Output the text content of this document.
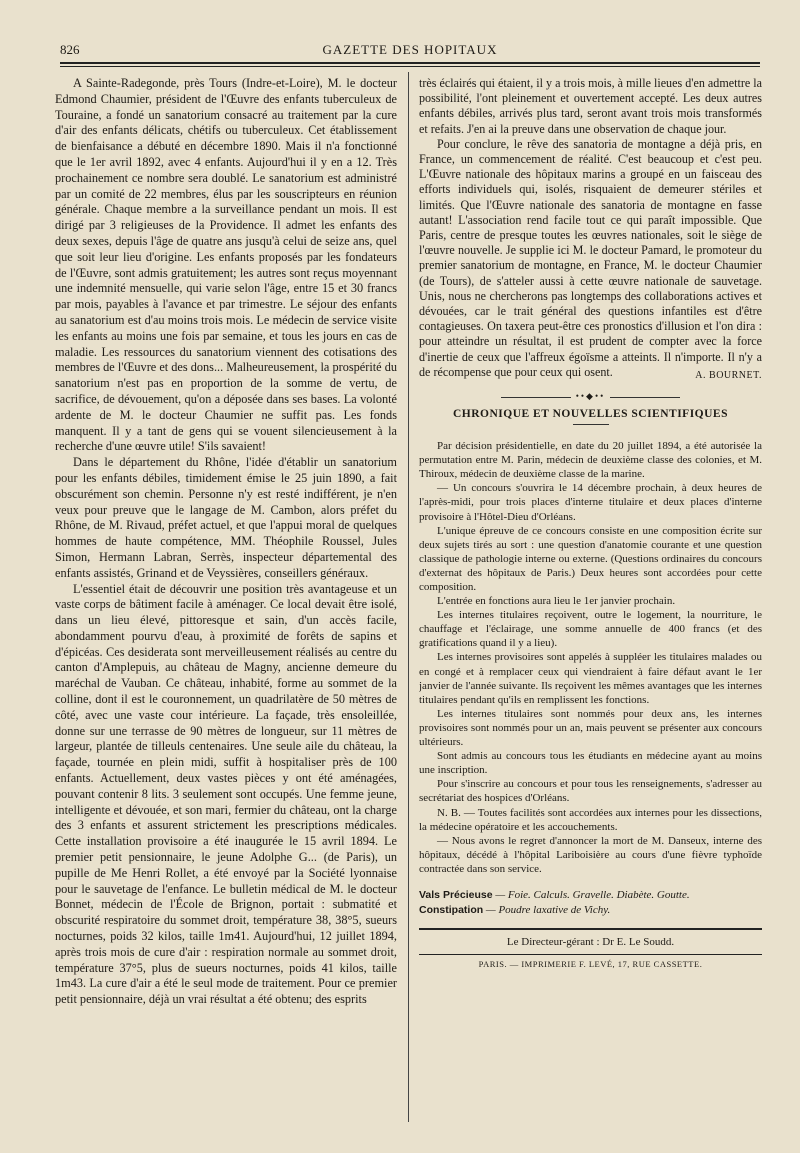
826	GAZETTE DES HOPITAUX

A Sainte-Radegonde, près Tours (Indre-et-Loire), M. le docteur Edmond Chaumier, président de l'Œuvre des enfants tuberculeux de Touraine, a fondé un sanatorium consacré au traitement par la cure d'air des enfants délicats, chétifs ou tuberculeux. Cet établissement de bienfaisance a débuté en décembre 1890. Mais il n'a fonctionné que le 1er avril 1892, avec 4 enfants. Aujourd'hui il y en a 12. Très prochainement ce nombre sera doublé. Le sanatorium est administré par un comité de 22 membres, élus par les souscripteurs en réunion générale. Chaque membre a la surveillance pendant un mois. Il est dirigé par 3 religieuses de la Providence. Il admet les enfants des deux sexes, depuis l'âge de quatre ans jusqu'à celui de seize ans, quel que soit leur lieu d'origine. Les enfants proposés par les fondateurs de l'Œuvre, sont admis gratuitement; les autres sont reçus moyennant une indemnité mensuelle, qui varie selon l'âge, entre 15 et 30 francs par mois, payables à l'avance et par trimestre. Le séjour des enfants au sanatorium est d'au moins trois mois. Le médecin de service visite les enfants au moins une fois par semaine, et tous les jours en cas de maladie. Les ressources du sanatorium viennent des cotisations des membres de l'Œuvre et des dons... Malheureusement, la prospérité du sanatorium n'est pas en proportion de la somme de vertu, de sacrifice, de dévouement, qu'on a déposée dans ses bases. La volonté ardente de M. le docteur Chaumier ne suffit pas. Les fonds manquent. Il y a tant de gens qui se vouent silencieusement à la recherche d'une œuvre utile! S'ils savaient!

Dans le département du Rhône, l'idée d'établir un sanatorium pour les enfants débiles, timidement émise le 25 juin 1890, a fait obscurément son chemin. Personne n'y est resté indifférent, je n'en veux pour preuve que le langage de M. Cambon, alors préfet du Rhône, de M. Rivaud, préfet actuel, et que l'appui moral de quelques hommes de haute compétence, MM. Théophile Roussel, Jules Simon, Hermann Labran, Serrès, inspecteur départemental des enfants assistés, Grinand et de Veyssières, conseillers généraux.

L'essentiel était de découvrir une position très avantageuse et un vaste corps de bâtiment facile à aménager. Ce local devait être isolé, dans un lieu élevé, pittoresque et sain, d'un accès facile, abondamment pourvu d'eau, à proximité de forêts de sapins et d'épicéas. Ces desiderata sont merveilleusement réalisés au centre du canton d'Amplepuis, au château de Magny, ancienne demeure du maréchal de Vauban. Ce château, inhabité, forme au sommet de la colline, dont il est le couronnement, un quadrilatère de 50 mètres de côté, avec une vaste cour intérieure. La façade, très ensoleillée, donne sur une terrasse de 90 mètres de longueur, sur 11 mètres de largeur, plantée de tilleuls centenaires. Une seule aile du château, la façade, tournée en plein midi, suffit à hospitaliser près de 100 enfants. Actuellement, deux vastes pièces y ont été aménagées, pouvant contenir 8 lits. 3 seulement sont occupés. Une femme jeune, intelligente et dévouée, et son mari, fermier du château, ont la charge des 3 enfants et assurent strictement les prescriptions médicales. Cette installation provisoire a été inaugurée le 15 avril 1894. Le premier petit pensionnaire, le jeune Adolphe G... (de Paris), un pupille de Me Henri Rollet, a été envoyé par la Société lyonnaise pour le sauvetage de l'enfance. Le bulletin médical de M. le docteur Bonnet, médecin de l'École de Brignon, portait : submatité et obscurité respiratoire du sommet droit, température 38, 38°5, sueurs nocturnes, poids 32 kilos, taille 1m41. Aujourd'hui, 12 juillet 1894, après trois mois de cure d'air : respiration normale au sommet droit, température 37°5, plus de sueurs nocturnes, poids 41 kilos, taille 1m43. La cure d'air a été le seul mode de traitement. Pour ce premier petit pensionnaire, déjà un vrai résultat a été obtenu; des esprits

très éclairés qui étaient, il y a trois mois, à mille lieues d'en admettre la possibilité, l'ont pleinement et ouvertement accepté. Les deux autres enfants débiles, arrivés plus tard, seront avant trois mois transformés et refaits. J'en ai la preuve dans une observation de chaque jour.

Pour conclure, le rêve des sanatoria de montagne a déjà pris, en France, un commencement de réalité. C'est beaucoup et c'est peu. L'Œuvre nationale des hôpitaux marins a groupé en un faisceau des efforts individuels qui, isolés, risquaient de demeurer stériles et limités. Que l'Œuvre nationale des sanatoria de montagne en fasse autant! L'association rend facile tout ce qui paraît impossible. Que Paris, centre de presque toutes les œuvres nationales, soit le siège de l'œuvre nouvelle. Je supplie ici M. le docteur Pamard, le promoteur du premier sanatorium de montagne, en France, M. le docteur Chaumier (de Tours), de s'atteler aussi à cette œuvre nationale de sauvetage. Unis, nous ne chercherons pas longtemps des collaborations actives et dévouées, car le trait général des questions infantiles est d'être contagieuses. On taxera peut-être ces pronostics d'illusion et l'on dira : pour atteindre un résultat, il est prudent de compter avec la force d'inertie de ceux que l'affreux égoïsme a atteints. Il n'importe. Il n'y a de récompense que pour ceux qui osent.	A. BOURNET.
••◆••
CHRONIQUE ET NOUVELLES SCIENTIFIQUES

Par décision présidentielle, en date du 20 juillet 1894, a été autorisée la permutation entre M. Parin, médecin de deuxième classe des colonies, et M. Thiroux, médecin de deuxième classe de la marine.

— Un concours s'ouvrira le 14 décembre prochain, à deux heures de l'après-midi, pour trois places d'interne titulaire et deux places d'interne provisoire à l'Hôtel-Dieu d'Orléans.

L'unique épreuve de ce concours consiste en une composition écrite sur deux sujets tirés au sort : une question d'anatomie courante et une question classique de pathologie interne ou externe. (Questions ordinaires du concours d'externat des hôpitaux de Paris.) Deux heures sont accordées pour cette composition.

L'entrée en fonctions aura lieu le 1er janvier prochain.

Les internes titulaires reçoivent, outre le logement, la nourriture, le chauffage et l'éclairage, une somme annuelle de 400 francs (et des gratifications quand il y a lieu).

Les internes provisoires sont appelés à suppléer les titulaires malades ou en congé et à remplacer ceux qui viendraient à faire défaut avant le 1er janvier de l'année suivante. Ils reçoivent les mêmes avantages que les internes titulaires pendant qu'ils en remplissent les fonctions.

Les internes titulaires sont nommés pour deux ans, les internes provisoires sont nommés pour un an, mais peuvent se présenter aux concours ultérieurs.

Sont admis au concours tous les étudiants en médecine ayant au moins une inscription.

Pour s'inscrire au concours et pour tous les renseignements, s'adresser au secrétariat des hospices d'Orléans.

N. B. — Toutes facilités sont accordées aux internes pour les dissections, la médecine opératoire et les accouchements.

— Nous avons le regret d'annoncer la mort de M. Danseux, interne des hôpitaux, décédé à l'hôpital Lariboisière au cours d'une fièvre typhoïde contractée dans son service.

Vals Précieuse — Foie. Calculs. Gravelle. Diabète. Goutte.
Constipation — Poudre laxative de Vichy.
Le Directeur-gérant : Dr E. Le Soudd.
PARIS. — IMPRIMERIE F. LEVÉ, 17, RUE CASSETTE.
